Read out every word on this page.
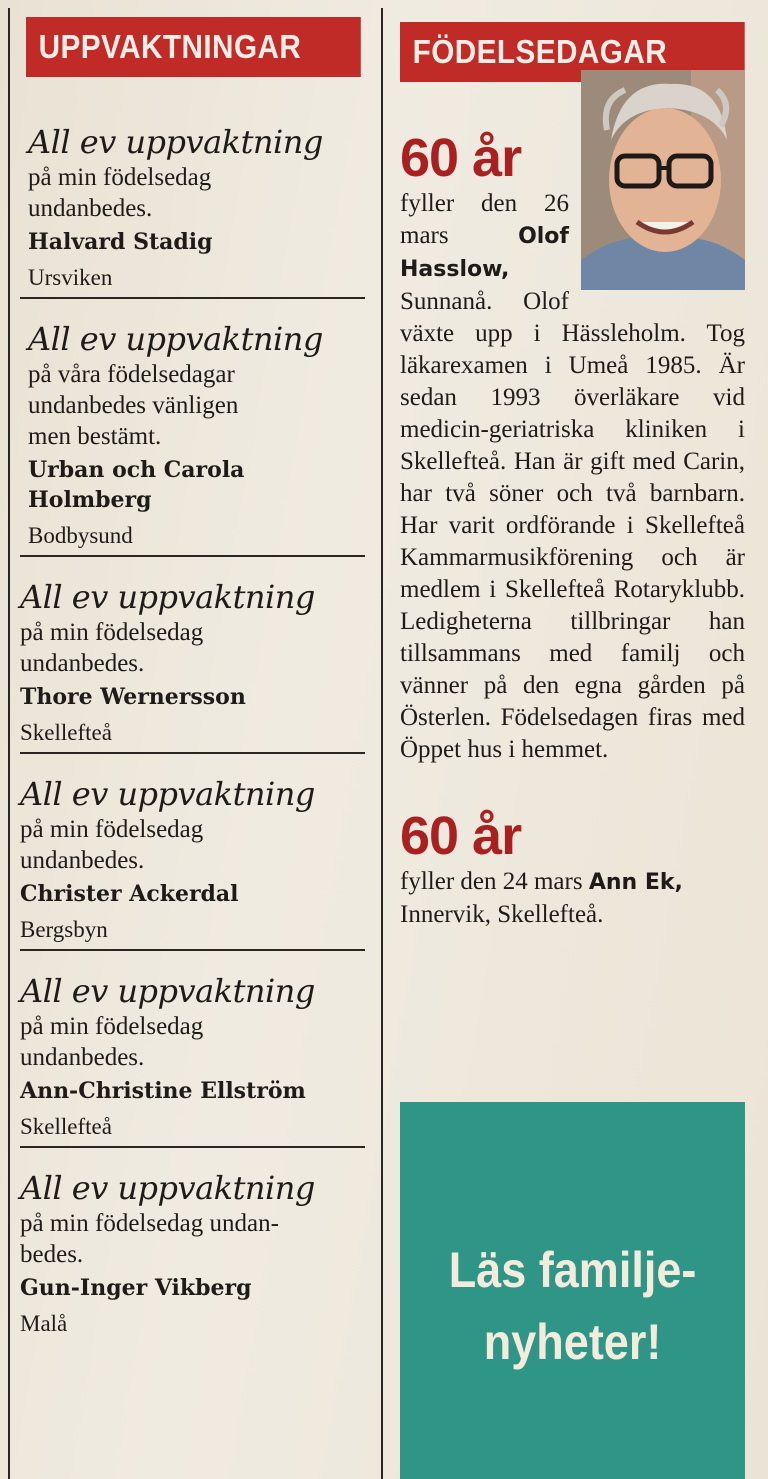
UPPVAKTNINGAR	FÖDELSEDAGAR

All ev uppvaktning

på min födelsedag
undanbedes.

Halvard Stadig
Ursviken

All ev uppvaktning

på våra födelsedagar
undanbedes vänligen
men bestämt.

Urban och Carola
Holmberg
Bodbysund

All ev uppvaktning

på min födelsedag
undanbedes.

Thore Wernersson
Skellefteå

All ev uppvaktning

på min födelsedag
undanbedes.

Christer Ackerdal
Bergsbyn

All ev uppvaktning

på min födelsedag
undanbedes.

Ann-Christine Ellström
Skellefteå

All ev uppvaktning

på min födelsedag undan-
bedes.

Gun-Inger Vikberg
Malå
60 år

fyller den 26 mars	Olof Hasslow, Sunnanå. Olof växte upp i Hässleholm. Tog läkarexamen i Umeå 1985. Är sedan 1993 överläkare vid medicin-geriatriska kliniken i Skellefteå. Han är gift med Carin, har två söner och två barnbarn. Har varit ordförande i Skellefteå Kammarmusikförening och är medlem i Skellefteå Rotaryklubb. Ledigheterna tillbringar han tillsammans med familj och vänner på den egna gården på Österlen. Födelsedagen firas med Öppet hus i hemmet.

60 år

fyller den 24 mars Ann Ek, Innervik, Skellefteå.

Läs familje-
nyheter!
